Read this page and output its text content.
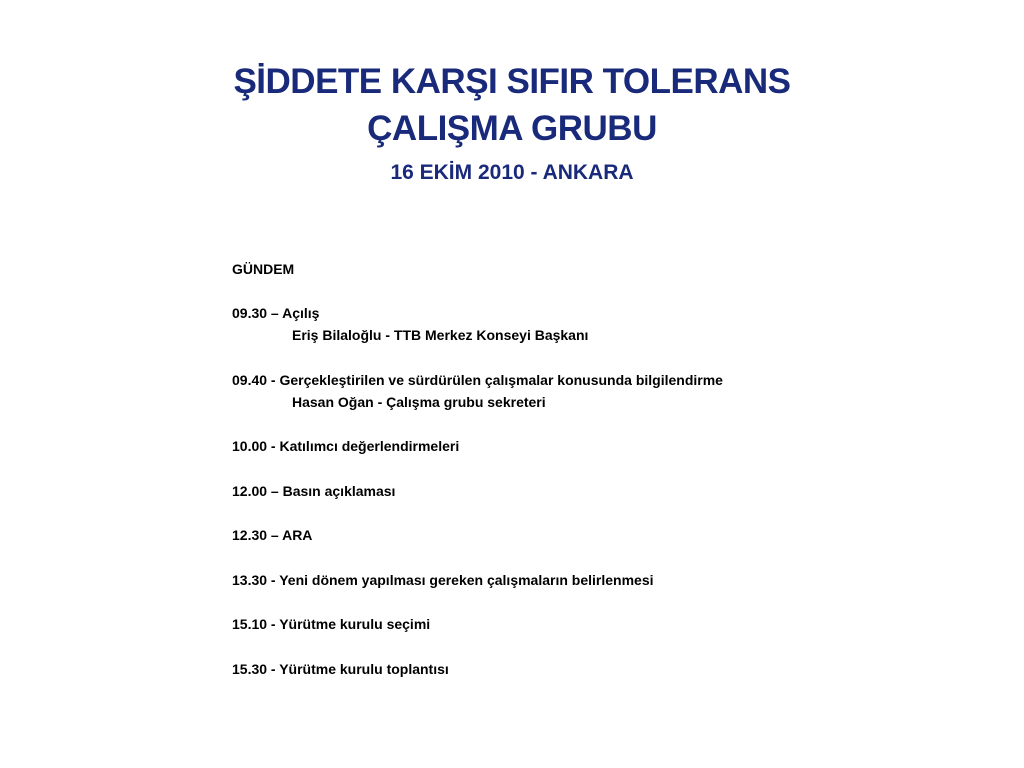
ŞİDDETE KARŞI SIFIR TOLERANS
ÇALIŞMA GRUBU
16 EKİM 2010 - ANKARA
GÜNDEM
09.30 – Açılış
Eriş Bilaloğlu - TTB Merkez Konseyi Başkanı
09.40 - Gerçekleştirilen ve sürdürülen çalışmalar konusunda bilgilendirme
Hasan Oğan - Çalışma grubu sekreteri
10.00 - Katılımcı değerlendirmeleri
12.00 – Basın açıklaması
12.30 – ARA
13.30 - Yeni dönem yapılması gereken çalışmaların belirlenmesi
15.10 - Yürütme kurulu seçimi
15.30 - Yürütme kurulu toplantısı
